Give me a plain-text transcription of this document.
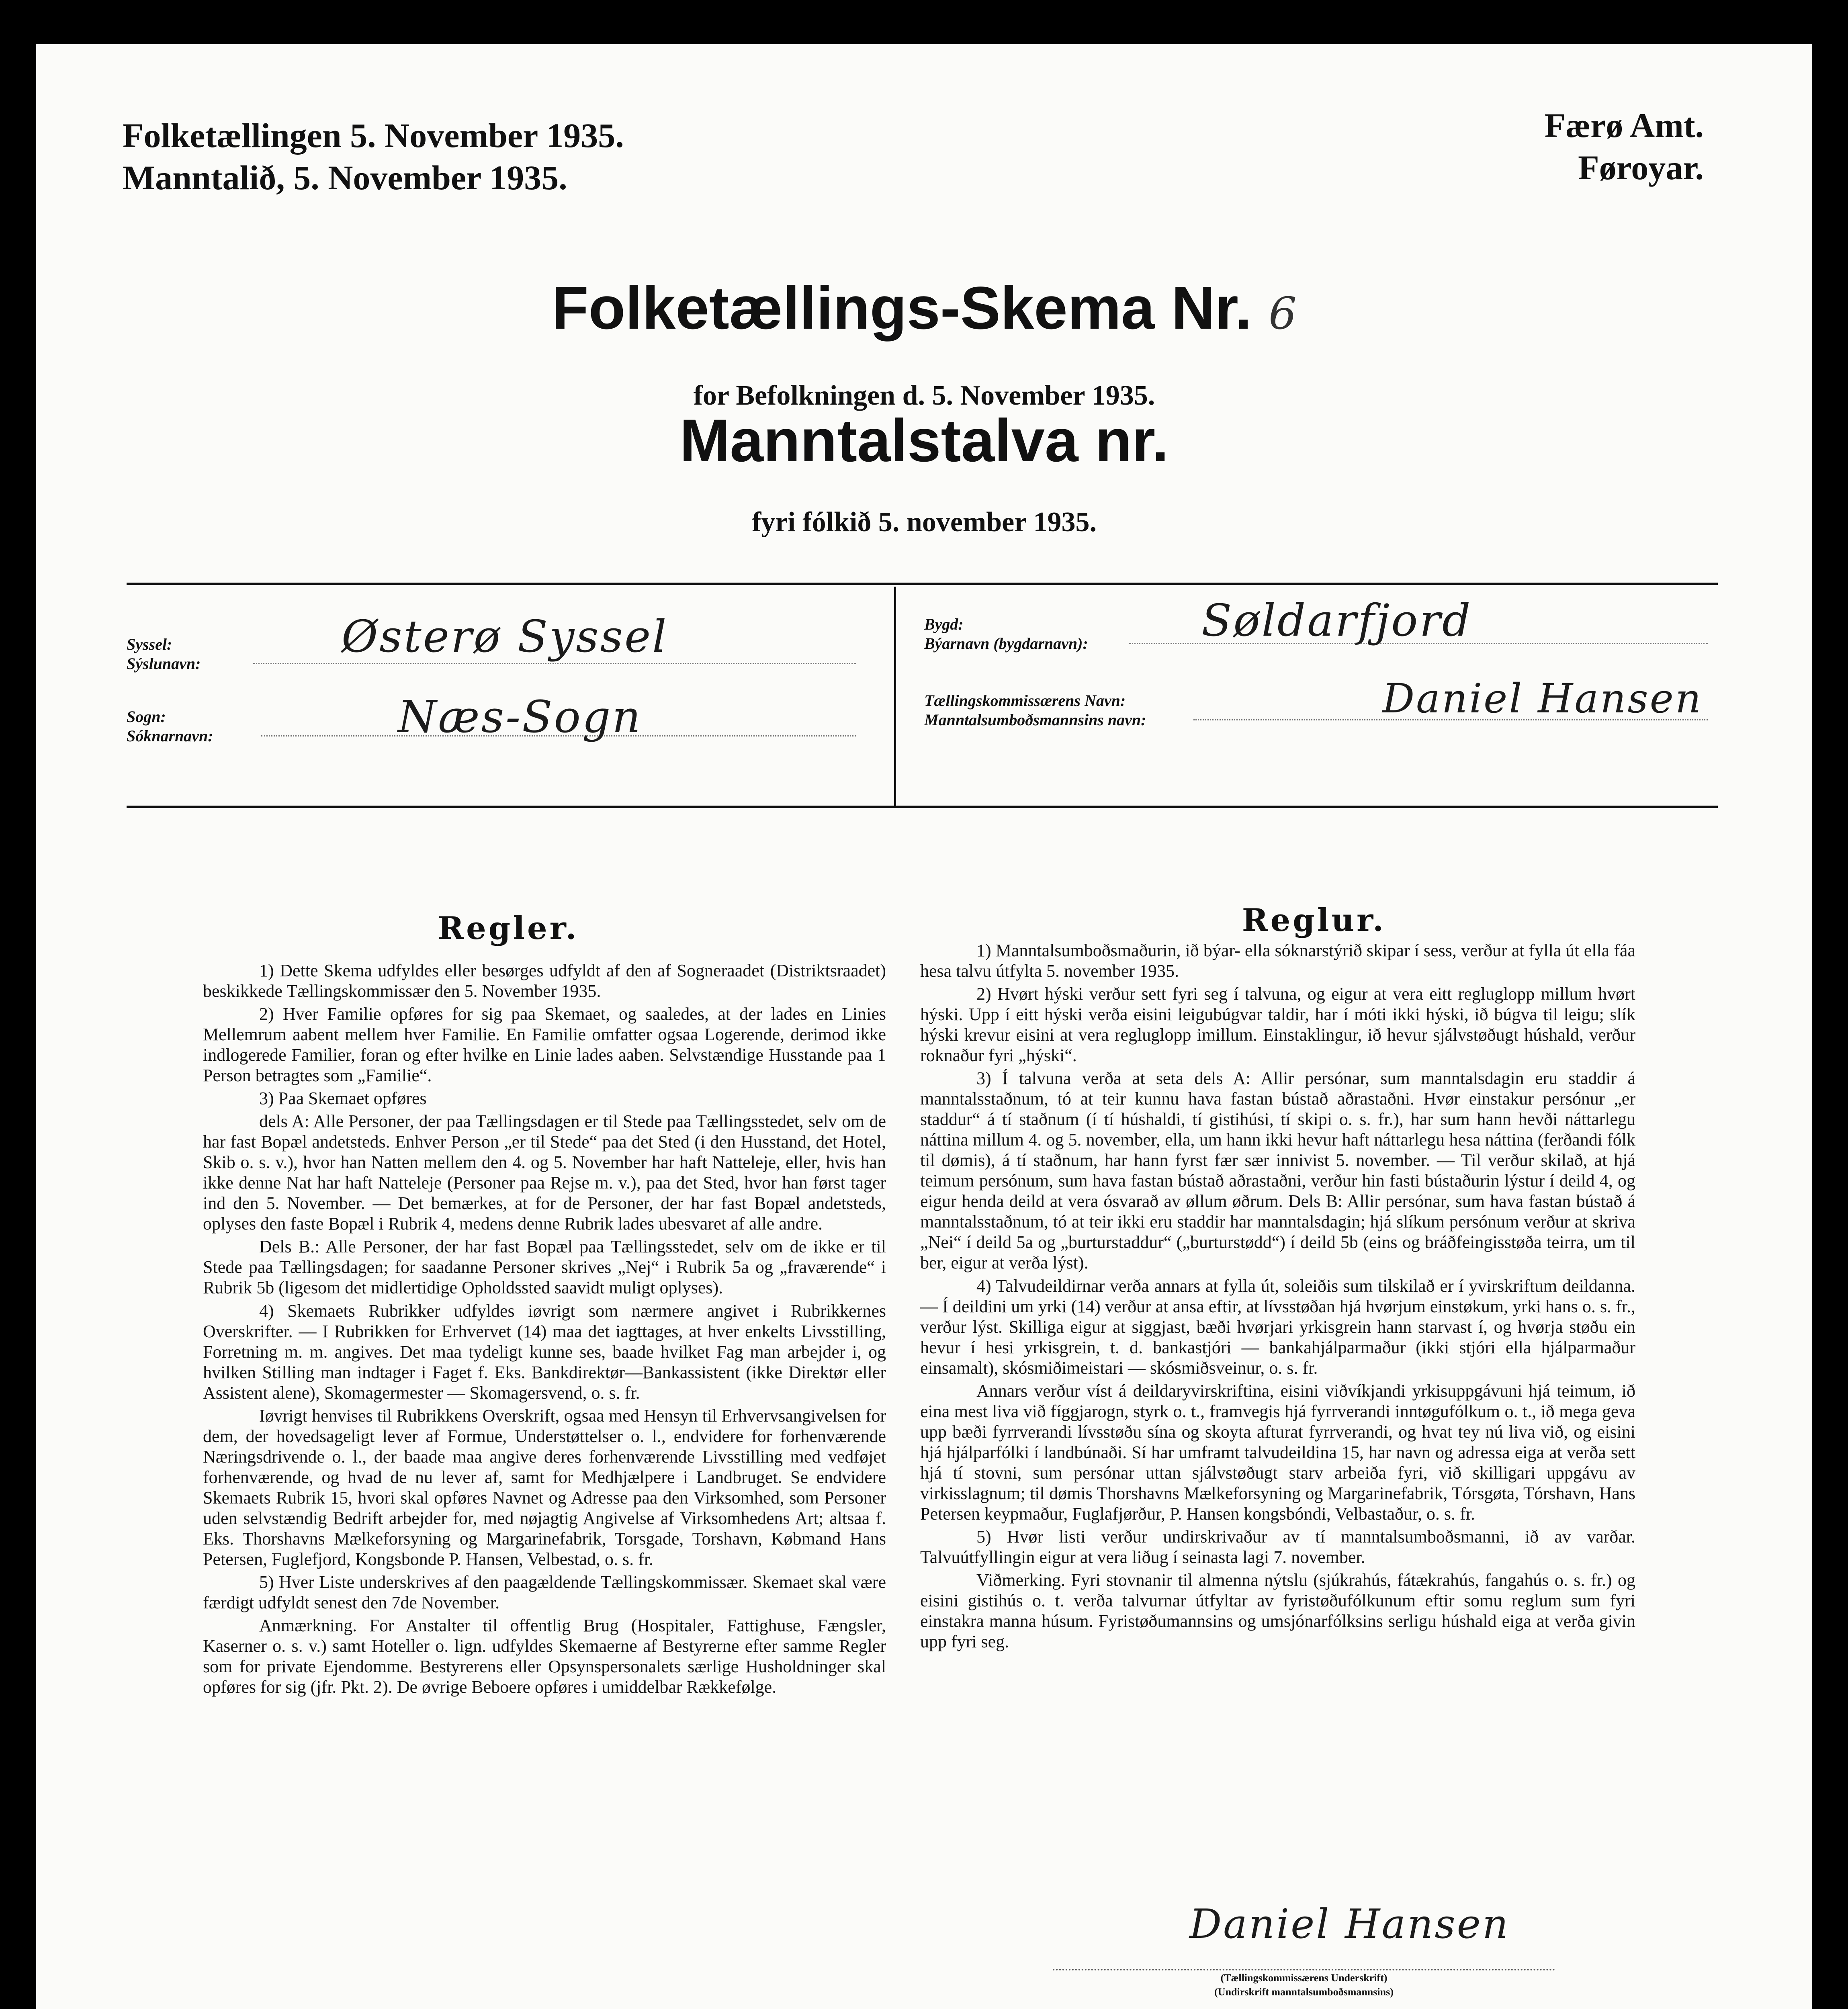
Folketællingen 5. November 1935.
Manntalið, 5. November 1935.
Færø Amt.
Føroyar.
Folketællings-Skema Nr. 6
for Befolkningen d. 5. November 1935.
Manntalstalva nr.
fyri fólkið 5. november 1935.
Syssel:
Sýslunavn:
Østerø Syssel
Sogn:
Sóknarnavn:	Næs-Sogn
Bygd:
Býarnavn (bygdarnavn):	Søldarfjord
Tællingskommissærens Navn:
Manntalsumboðsmannsins navn:	Daniel Hansen
Regler.	Reglur.

1) Dette Skema udfyldes eller besørges udfyldt af den af Sogneraadet (Distriktsraadet) beskikkede Tællingskommissær den 5. November 1935.

2) Hver Familie opføres for sig paa Skemaet, og saaledes, at der lades en Linies Mellemrum aabent mellem hver Familie. En Familie omfatter ogsaa Logerende, derimod ikke indlogerede Familier, foran og efter hvilke en Linie lades aaben. Selvstændige Husstande paa 1 Person betragtes som „Familie“.

3) Paa Skemaet opføres

dels A: Alle Personer, der paa Tællingsdagen er til Stede paa Tællingsstedet, selv om de har fast Bopæl andetsteds. Enhver Person „er til Stede“ paa det Sted (i den Husstand, det Hotel, Skib o. s. v.), hvor han Natten mellem den 4. og 5. November har haft Natteleje, eller, hvis han ikke denne Nat har haft Natteleje (Personer paa Rejse m. v.), paa det Sted, hvor han først tager ind den 5. November. — Det bemærkes, at for de Personer, der har fast Bopæl andetsteds, oplyses den faste Bopæl i Rubrik 4, medens denne Rubrik lades ubesvaret af alle andre.

Dels B.: Alle Personer, der har fast Bopæl paa Tællingsstedet, selv om de ikke er til Stede paa Tællingsdagen; for saadanne Personer skrives „Nej“ i Rubrik 5a og „fraværende“ i Rubrik 5b (ligesom det midlertidige Opholdssted saavidt muligt oplyses).

4) Skemaets Rubrikker udfyldes iøvrigt som nærmere angivet i Rubrikkernes Overskrifter. — I Rubrikken for Erhvervet (14) maa det iagttages, at hver enkelts Livsstilling, Forretning m. m. angives. Det maa tydeligt kunne ses, baade hvilket Fag man arbejder i, og hvilken Stilling man indtager i Faget f. Eks. Bankdirektør—Bankassistent (ikke Direktør eller Assistent alene), Skomagermester — Skomagersvend, o. s. fr.

Iøvrigt henvises til Rubrikkens Overskrift, ogsaa med Hensyn til Erhvervsangivelsen for dem, der hovedsageligt lever af Formue, Understøttelser o. l., endvidere for forhenværende Næringsdrivende o. l., der baade maa angive deres forhenværende Livsstilling med vedføjet forhenværende, og hvad de nu lever af, samt for Medhjælpere i Landbruget. Se endvidere Skemaets Rubrik 15, hvori skal opføres Navnet og Adresse paa den Virksomhed, som Personer uden selvstændig Bedrift arbejder for, med nøjagtig Angivelse af Virksomhedens Art; altsaa f. Eks. Thorshavns Mælkeforsyning og Margarinefabrik, Torsgade, Torshavn, Købmand Hans Petersen, Fuglefjord, Kongsbonde P. Hansen, Velbestad, o. s. fr.

5) Hver Liste underskrives af den paagældende Tællingskommissær. Skemaet skal være færdigt udfyldt senest den 7de November.

Anmærkning. For Anstalter til offentlig Brug (Hospitaler, Fattighuse, Fængsler, Kaserner o. s. v.) samt Hoteller o. lign. udfyldes Skemaerne af Bestyrerne efter samme Regler som for private Ejendomme. Bestyrerens eller Opsynspersonalets særlige Husholdninger skal opføres for sig (jfr. Pkt. 2). De øvrige Beboere opføres i umiddelbar Rækkefølge.

1) Manntalsumboðsmaðurin, ið býar- ella sóknarstýrið skipar í sess, verður at fylla út ella fáa hesa talvu útfylta 5. november 1935.

2) Hvørt hýski verður sett fyri seg í talvuna, og eigur at vera eitt regluglopp millum hvørt hýski. Upp í eitt hýski verða eisini leigubúgvar taldir, har í móti ikki hýski, ið búgva til leigu; slík hýski krevur eisini at vera regluglopp imillum. Einstaklingur, ið hevur sjálvstøðugt húshald, verður roknaður fyri „hýski“.

3) Í talvuna verða at seta dels A: Allir persónar, sum manntalsdagin eru staddir á manntalsstaðnum, tó at teir kunnu hava fastan bústað aðrastaðni. Hvør einstakur persónur „er staddur“ á tí staðnum (í tí húshaldi, tí gistihúsi, tí skipi o. s. fr.), har sum hann hevði náttarlegu náttina millum 4. og 5. november, ella, um hann ikki hevur haft náttarlegu hesa náttina (ferðandi fólk til dømis), á tí staðnum, har hann fyrst fær sær innivist 5. november. — Til verður skilað, at hjá teimum persónum, sum hava fastan bústað aðrastaðni, verður hin fasti bústaðurin lýstur í deild 4, og eigur henda deild at vera ósvarað av øllum øðrum. Dels B: Allir persónar, sum hava fastan bústað á manntalsstaðnum, tó at teir ikki eru staddir har manntalsdagin; hjá slíkum persónum verður at skriva „Nei“ í deild 5a og „burturstaddur“ („burturstødd“) í deild 5b (eins og bráðfeingisstøða teirra, um til ber, eigur at verða lýst).

4) Talvudeildirnar verða annars at fylla út, soleiðis sum tilskilað er í yvirskriftum deildanna. — Í deildini um yrki (14) verður at ansa eftir, at lívsstøðan hjá hvørjum einstøkum, yrki hans o. s. fr., verður lýst. Skilliga eigur at siggjast, bæði hvørjari yrkisgrein hann starvast í, og hvørja støðu ein hevur í hesi yrkisgrein, t. d. bankastjóri — bankahjálparmaður (ikki stjóri ella hjálparmaður einsamalt), skósmiðimeistari — skósmiðsveinur, o. s. fr.

Annars verður víst á deildaryvirskriftina, eisini viðvíkjandi yrkisuppgávuni hjá teimum, ið eina mest liva við fíggjarogn, styrk o. t., framvegis hjá fyrrverandi inntøgufólkum o. t., ið mega geva upp bæði fyrrverandi lívsstøðu sína og skoyta afturat fyrrverandi, og hvat tey nú liva við, og eisini hjá hjálparfólki í landbúnaði. Sí har umframt talvudeildina 15, har navn og adressa eiga at verða sett hjá tí stovni, sum persónar uttan sjálvstøðugt starv arbeiða fyri, við skilligari uppgávu av virkisslagnum; til dømis Thorshavns Mælkeforsyning og Margarinefabrik, Tórsgøta, Tórshavn, Hans Petersen keypmaður, Fuglafjørður, P. Hansen kongsbóndi, Velbastaður, o. s. fr.

5) Hvør listi verður undirskrivaður av tí manntalsumboðsmanni, ið av varðar. Talvuútfyllingin eigur at vera liðug í seinasta lagi 7. november.

Viðmerking. Fyri stovnanir til almenna nýtslu (sjúkrahús, fátækrahús, fangahús o. s. fr.) og eisini gistihús o. t. verða talvurnar útfyltar av fyristøðufólkunum eftir somu reglum sum fyri einstakra manna húsum. Fyristøðumannsins og umsjónarfólksins serligu húshald eiga at verða givin upp fyri seg.

Daniel Hansen
(Tællingskommissærens Underskrift)
(Undirskrift manntalsumboðsmannsins)
